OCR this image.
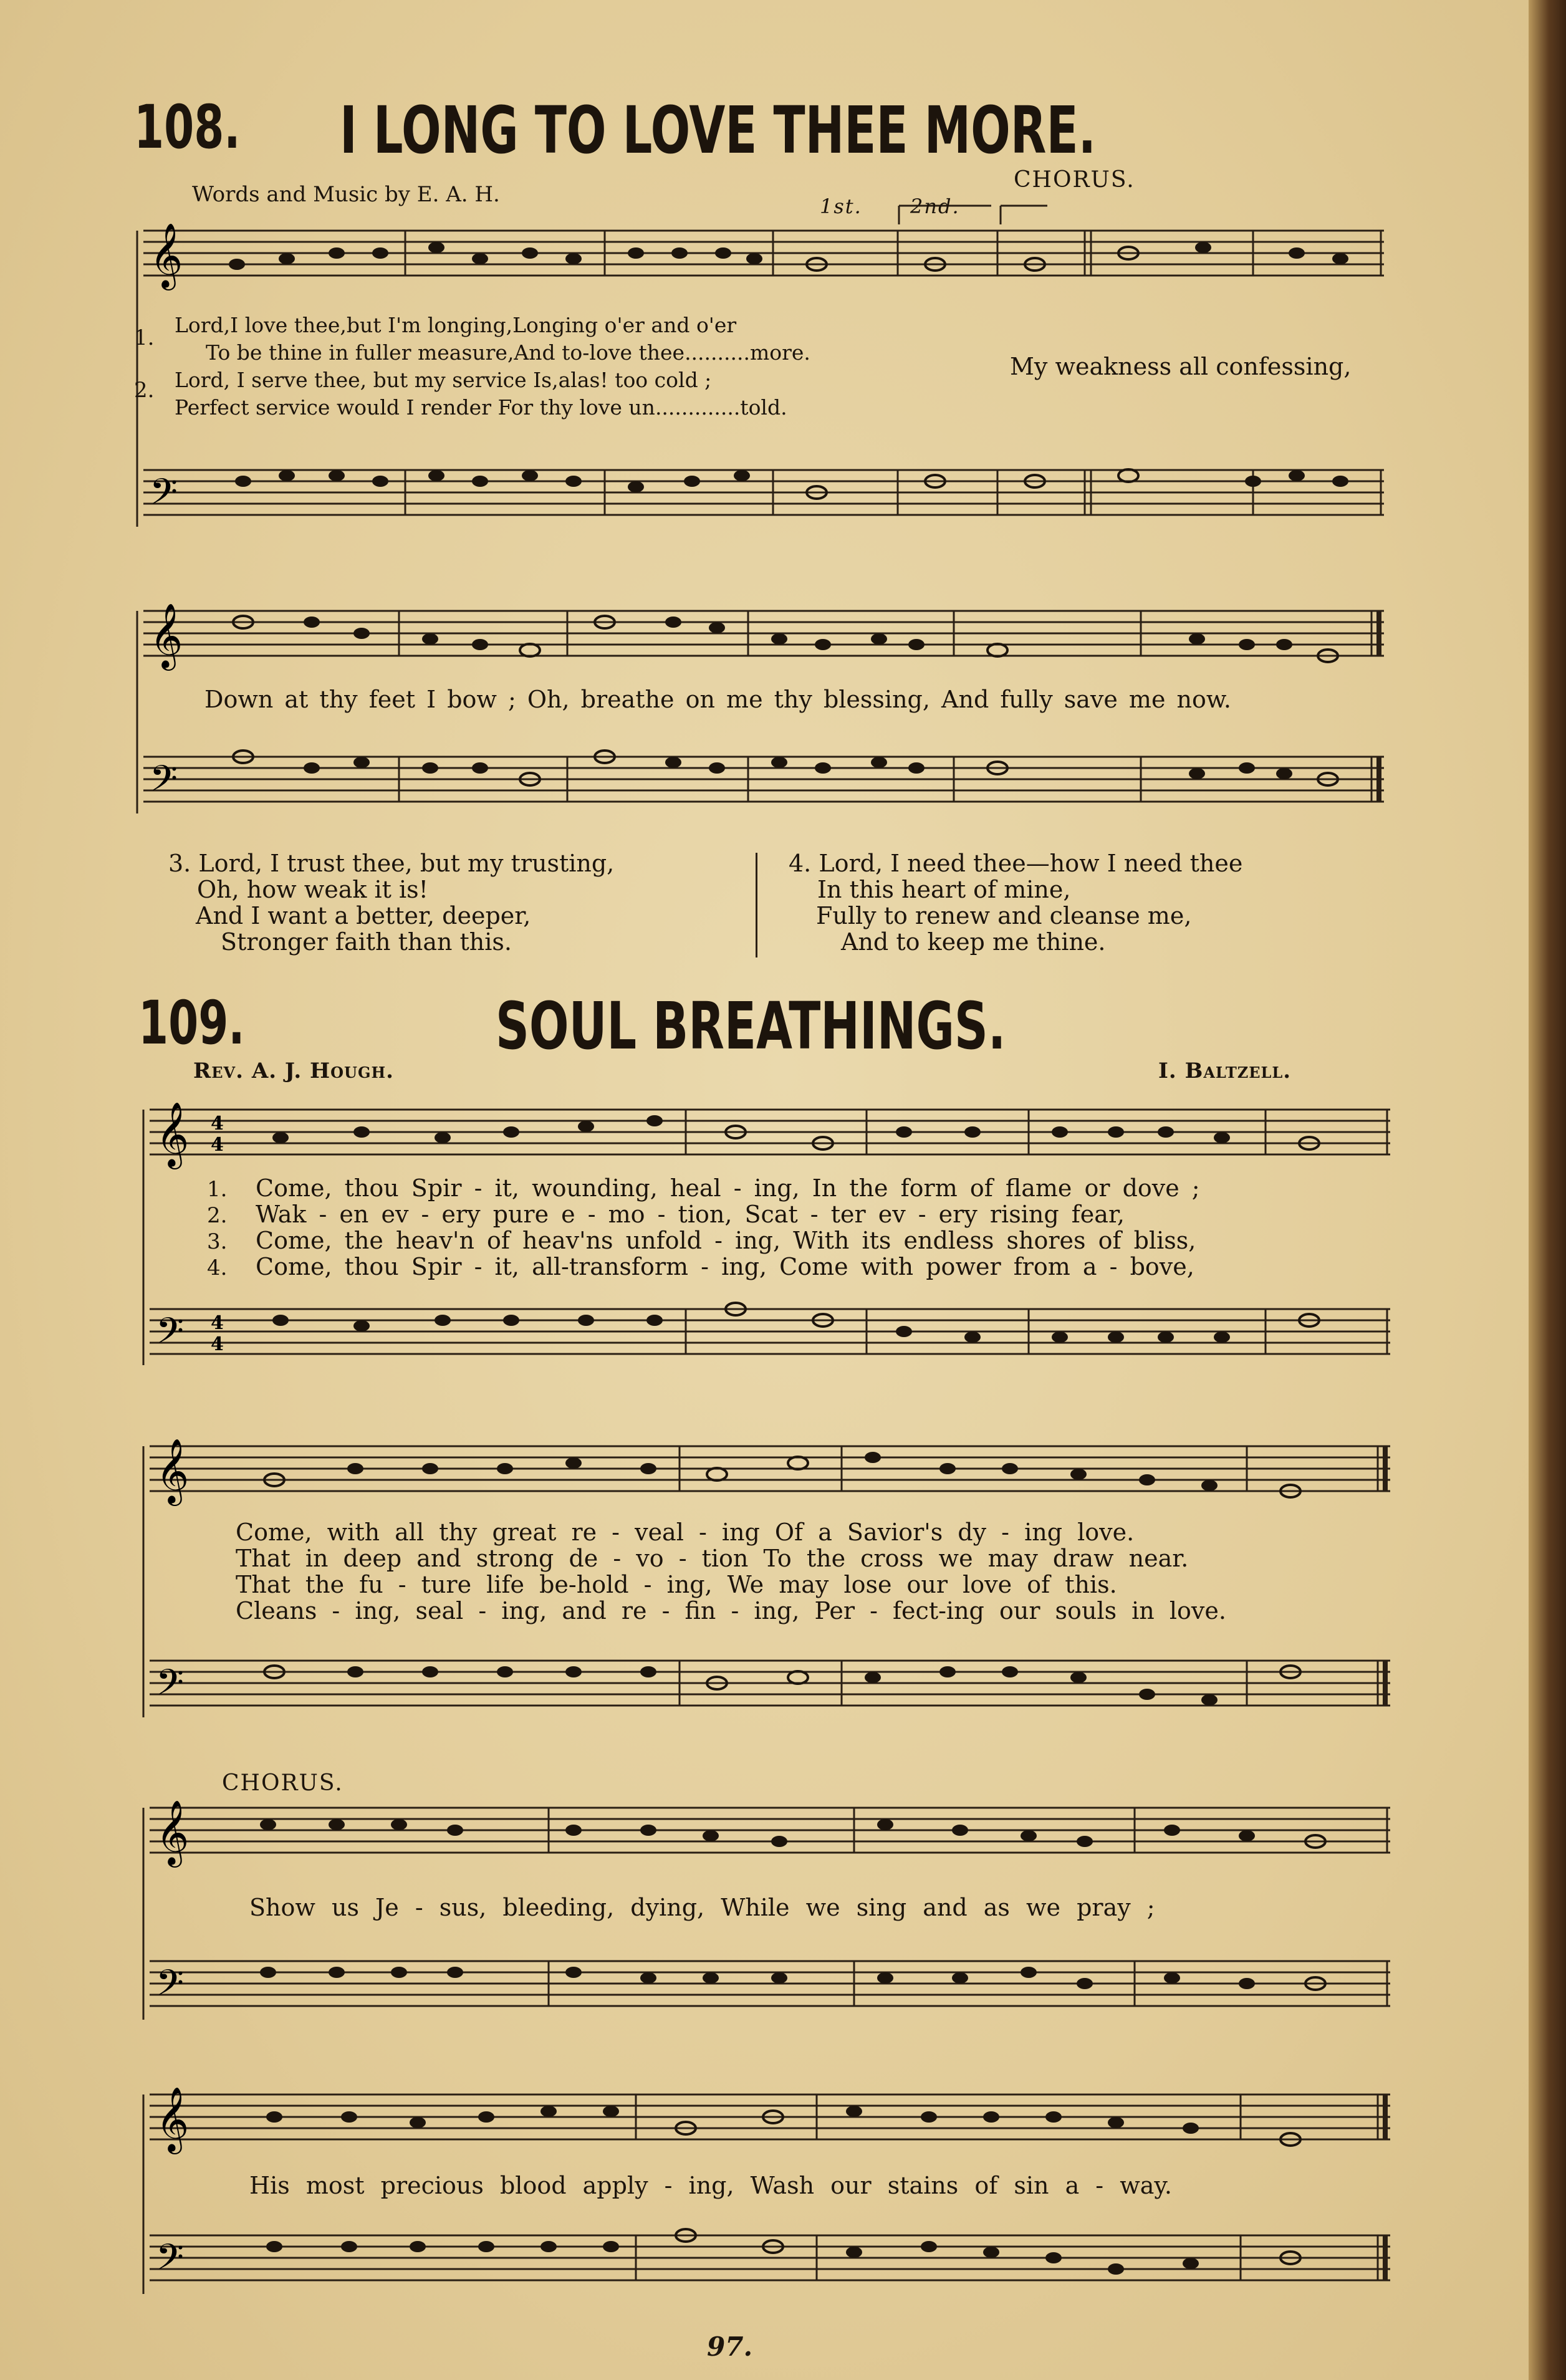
108. I LONG TO LOVE THEE MORE.
Words and Music by E. A. H.
CHORUS.
𝄞
𝄢
1st. 2nd.
1.
2.
Lord,I love thee,but I'm longing,Longing o'er and o'er
To be thine in fuller measure,And to-love thee..........more.
Lord, I serve thee, but my service Is,alas! too cold ;
Perfect service would I render For thy love un.............told.
My weakness all confessing,
𝄞
𝄢
Down at thy feet I bow ; Oh, breathe on me thy blessing, And fully save me now.
3. Lord, I trust thee, but my trusting,
Oh, how weak it is!
And I want a better, deeper,
Stronger faith than this.
4. Lord, I need thee—how I need thee
In this heart of mine,
Fully to renew and cleanse me,
And to keep me thine.
109.	SOUL BREATHINGS.
Rev. A. J. Hough.	I. Baltzell.
𝄞
𝄢
4
4
4
4
1.
2.
3.
4.
Come, thou Spir - it, wounding, heal - ing, In the form of flame or dove ;
Wak - en ev - ery pure e - mo - tion, Scat - ter ev - ery rising fear,
Come, the heav'n of heav'ns unfold - ing, With its endless shores of bliss,
Come, thou Spir - it, all-transform - ing, Come with power from a - bove,
𝄞
𝄢
Come, with all thy great re - veal - ing Of a Savior's dy - ing love.
That in deep and strong de - vo - tion To the cross we may draw near.
That the fu - ture life be-hold - ing, We may lose our love of this.
Cleans - ing, seal - ing, and re - fin - ing, Per - fect-ing our souls in love.
CHORUS.
𝄞
𝄢
Show us Je - sus, bleeding, dying, While we sing and as we pray ;
𝄞
𝄢
His most precious blood apply - ing, Wash our stains of sin a - way.
97.
